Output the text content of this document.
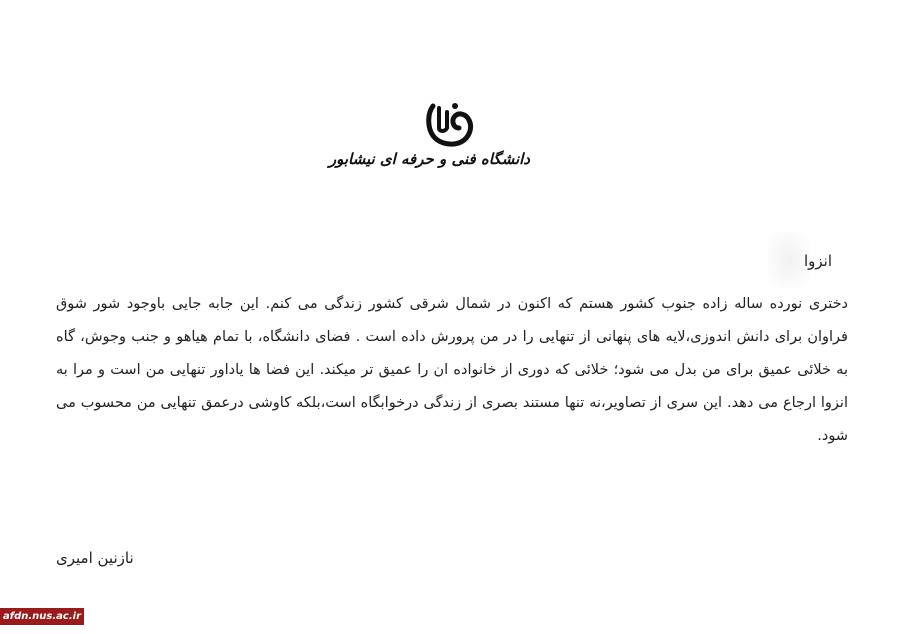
دانشگاه فنی و حرفه ای نیشابور
انزوا
دختری نورده ساله زاده جنوب کشور هستم که اکنون در شمال شرقی کشور زندگی می کنم. این جابه جایی باوجود شور شوق فراوان برای دانش اندوزی،لایه های پنهانی از تنهایی را در من پرورش داده است . فضای دانشگاه، با تمام هیاهو و جنب وجوش، گاه به خلائی عمیق برای من بدل می شود؛ خلائی که دوری از خانواده ان را عمیق تر میکند. این فضا ها یاداور تنهایی من است و مرا به انزوا ارجاع می دهد. این سری از تصاویر،نه تنها مستند بصری از زندگی درخوابگاه است،بلکه کاوشی درعمق تنهایی من محسوب می شود.
نازنین امیری
afdn.nus.ac.ir
